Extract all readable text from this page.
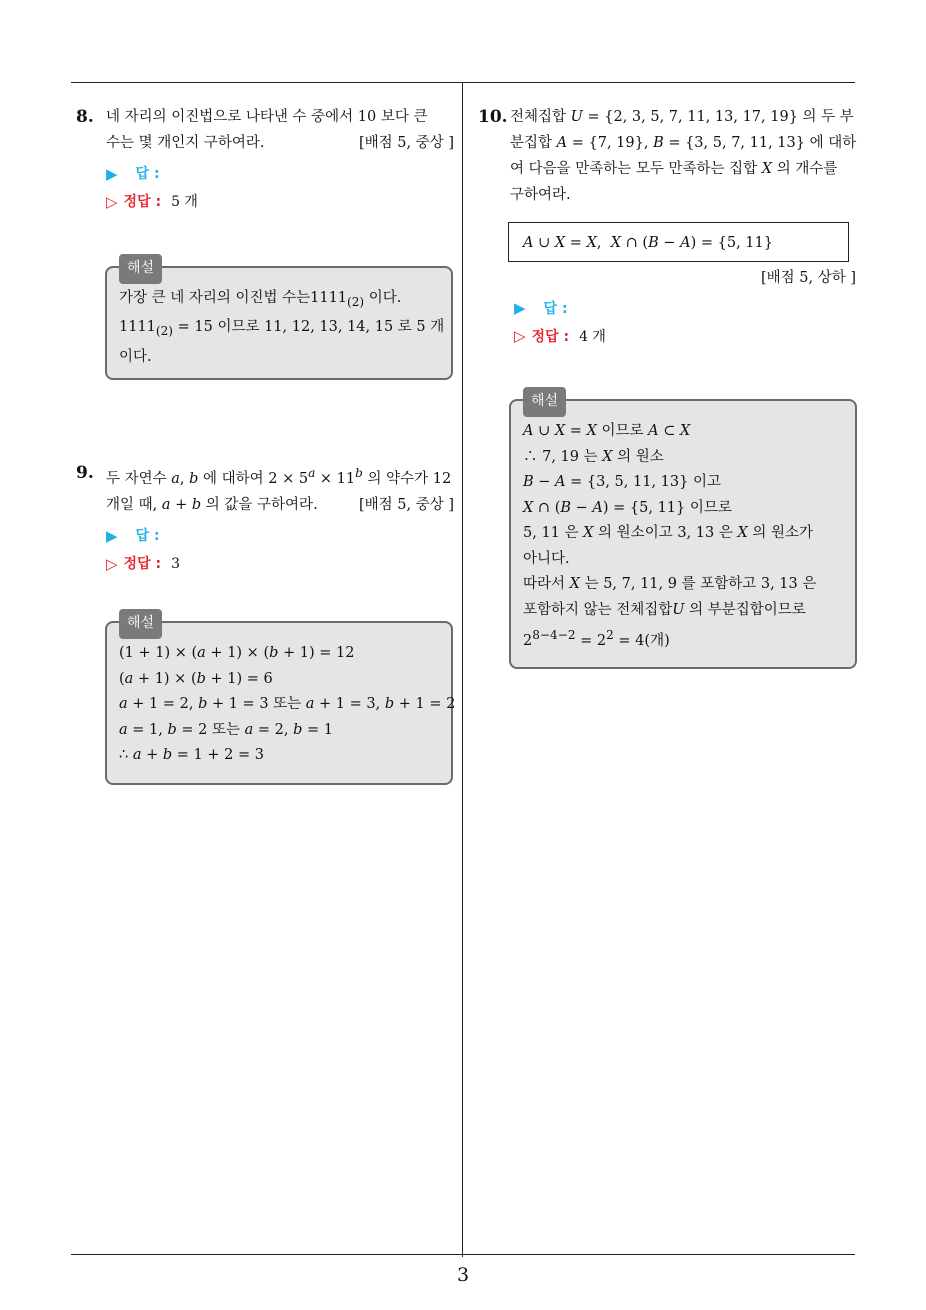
8. 네 자리의 이진법으로 나타낸 수 중에서 10 보다 큰
수는 몇 개인지 구하여라.	[배점 5, 중상 ]
▶ 답 :
▷ 정답 : 5 개
해설
가장 큰 네 자리의 이진법 수는$1111_{(2)}$ 이다.
$1111_{(2)} = 15$ 이므로 11, 12, 13, 14, 15 로 5 개
이다.
9. 두 자연수 a, b 에 대하여 $2 \times 5^a \times 11^b$ 의 약수가 12
개일 때, a + b 의 값을 구하여라.	[배점 5, 중상 ]
▶ 답 :
▷ 정답 : 3
해설
(1 + 1) × (a + 1) × (b + 1) = 12
(a + 1) × (b + 1) = 6
a + 1 = 2, b + 1 = 3 또는 a + 1 = 3, b + 1 = 2
a = 1, b = 2 또는 a = 2, b = 1
∴ a + b = 1 + 2 = 3
10. 전체집합 U = {2, 3, 5, 7, 11, 13, 17, 19} 의 두 부
분집합 A = {7, 19}, B = {3, 5, 7, 11, 13} 에 대하
여 다음을 만족하는 모두 만족하는 집합 X 의 개수를
구하여라.
A ∪ X = X,  X ∩ (B − A) = {5, 11}
[배점 5, 상하 ]
▶ 답 :
▷ 정답 : 4 개
해설
A ∪ X = X 이므로 A ⊂ X
∴ 7, 19 는 X 의 원소
B − A = {3, 5, 11, 13} 이고
X ∩ (B − A) = {5, 11} 이므로
5, 11 은 X 의 원소이고 3, 13 은 X 의 원소가
아니다.
따라서 X 는 5, 7, 11, 9 를 포함하고 3, 13 은
포함하지 않는 전체집합U 의 부분집합이므로
$2^{8-4-2} = 2^2 = 4$(개)
3
